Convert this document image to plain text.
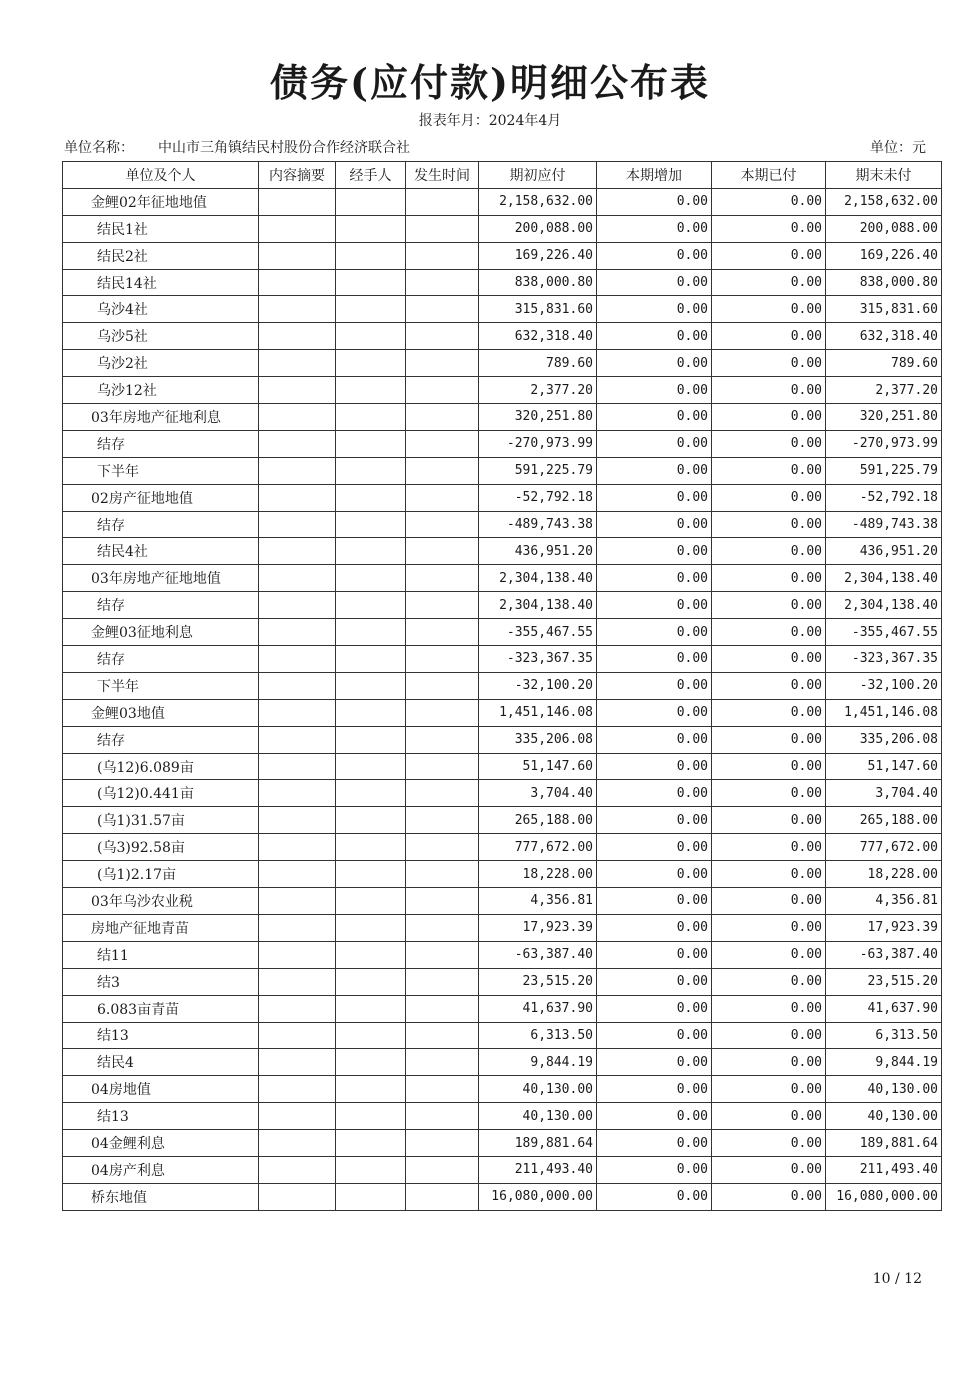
债务(应付款)明细公布表
报表年月：2024年4月
单位名称： 中山市三角镇结民村股份合作经济联合社	单位：元
单位及个人	内容摘要	经手人	发生时间	期初应付	本期增加	本期已付	期末未付
金鲤02年征地地值				2,158,632.00	0.00	0.00	2,158,632.00
结民1社				200,088.00	0.00	0.00	200,088.00
结民2社				169,226.40	0.00	0.00	169,226.40
结民14社				838,000.80	0.00	0.00	838,000.80
乌沙4社				315,831.60	0.00	0.00	315,831.60
乌沙5社				632,318.40	0.00	0.00	632,318.40
乌沙2社				789.60	0.00	0.00	789.60
乌沙12社				2,377.20	0.00	0.00	2,377.20
03年房地产征地利息				320,251.80	0.00	0.00	320,251.80
结存				-270,973.99	0.00	0.00	-270,973.99
下半年				591,225.79	0.00	0.00	591,225.79
02房产征地地值				-52,792.18	0.00	0.00	-52,792.18
结存				-489,743.38	0.00	0.00	-489,743.38
结民4社				436,951.20	0.00	0.00	436,951.20
03年房地产征地地值				2,304,138.40	0.00	0.00	2,304,138.40
结存				2,304,138.40	0.00	0.00	2,304,138.40
金鲤03征地利息				-355,467.55	0.00	0.00	-355,467.55
结存				-323,367.35	0.00	0.00	-323,367.35
下半年				-32,100.20	0.00	0.00	-32,100.20
金鲤03地值				1,451,146.08	0.00	0.00	1,451,146.08
结存				335,206.08	0.00	0.00	335,206.08
(乌12)6.089亩				51,147.60	0.00	0.00	51,147.60
(乌12)0.441亩				3,704.40	0.00	0.00	3,704.40
(乌1)31.57亩				265,188.00	0.00	0.00	265,188.00
(乌3)92.58亩				777,672.00	0.00	0.00	777,672.00
(乌1)2.17亩				18,228.00	0.00	0.00	18,228.00
03年乌沙农业税				4,356.81	0.00	0.00	4,356.81
房地产征地青苗				17,923.39	0.00	0.00	17,923.39
结11				-63,387.40	0.00	0.00	-63,387.40
结3				23,515.20	0.00	0.00	23,515.20
6.083亩青苗				41,637.90	0.00	0.00	41,637.90
结13				6,313.50	0.00	0.00	6,313.50
结民4				9,844.19	0.00	0.00	9,844.19
04房地值				40,130.00	0.00	0.00	40,130.00
结13				40,130.00	0.00	0.00	40,130.00
04金鲤利息				189,881.64	0.00	0.00	189,881.64
04房产利息				211,493.40	0.00	0.00	211,493.40
桥东地值				16,080,000.00	0.00	0.00	16,080,000.00
10 / 12
